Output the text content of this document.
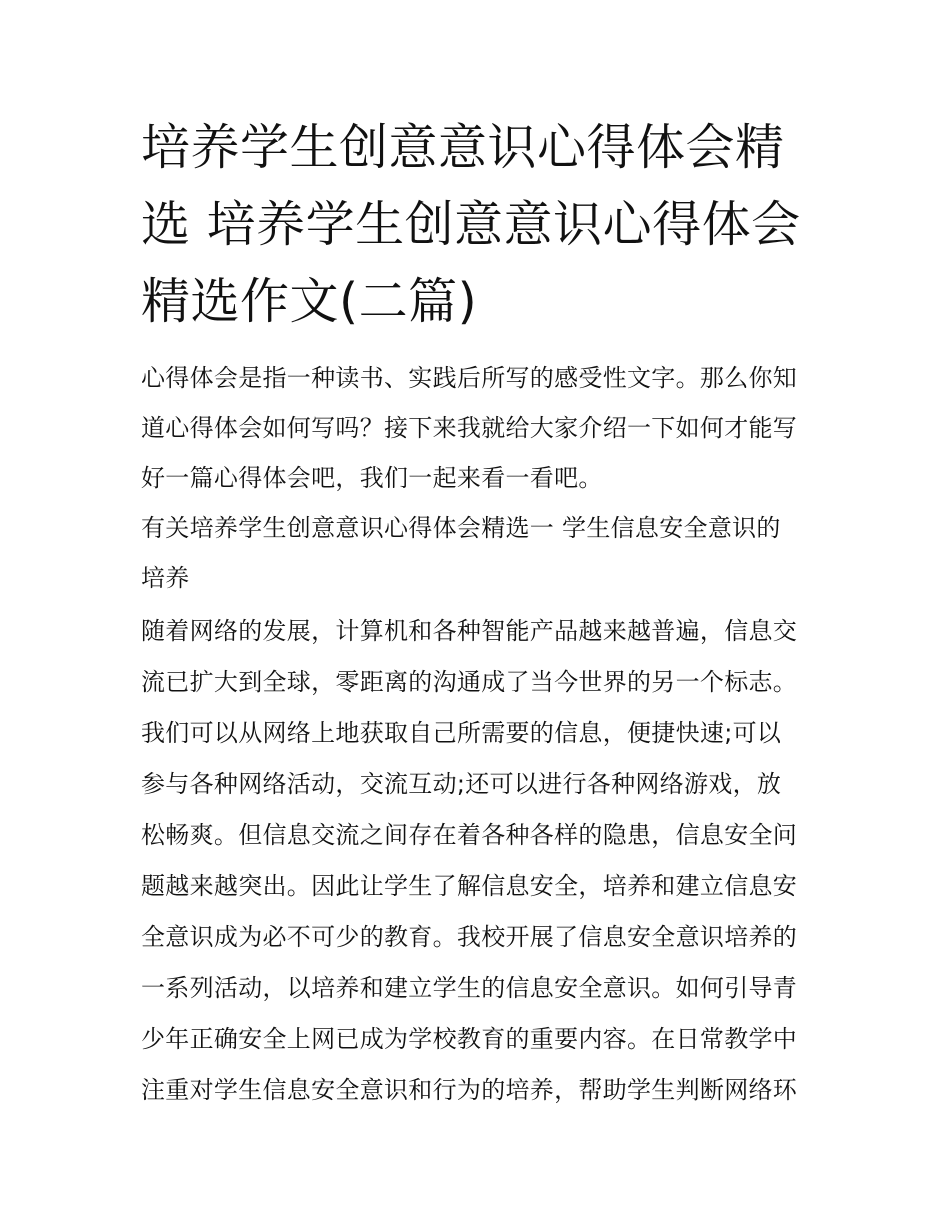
培养学生创意意识心得体会精
选 培养学生创意意识心得体会
精选作文(二篇)
心得体会是指一种读书、实践后所写的感受性文字。那么你知
道心得体会如何写吗？接下来我就给大家介绍一下如何才能写
好一篇心得体会吧，我们一起来看一看吧。
有关培养学生创意意识心得体会精选一 学生信息安全意识的
培养
随着网络的发展，计算机和各种智能产品越来越普遍，信息交
流已扩大到全球，零距离的沟通成了当今世界的另一个标志。
我们可以从网络上地获取自己所需要的信息，便捷快速;可以
参与各种网络活动，交流互动;还可以进行各种网络游戏，放
松畅爽。但信息交流之间存在着各种各样的隐患，信息安全问
题越来越突出。因此让学生了解信息安全，培养和建立信息安
全意识成为必不可少的教育。我校开展了信息安全意识培养的
一系列活动，以培养和建立学生的信息安全意识。如何引导青
少年正确安全上网已成为学校教育的重要内容。在日常教学中
注重对学生信息安全意识和行为的培养，帮助学生判断网络环
